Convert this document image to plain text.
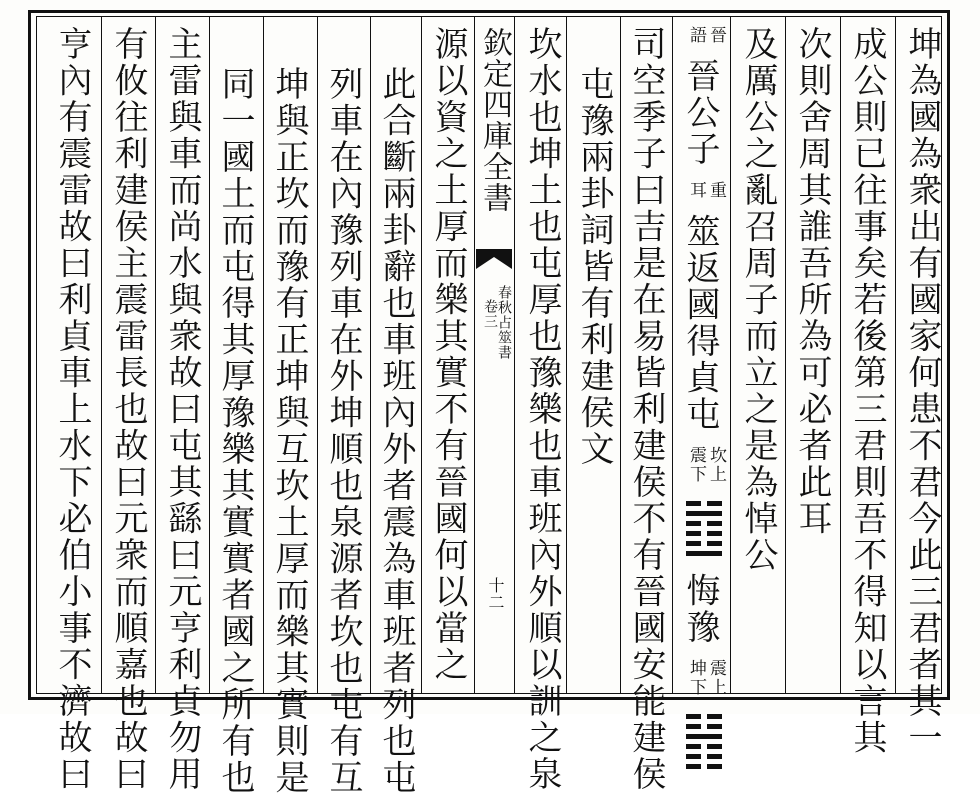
坤為國為衆出有國家何患不君今此三君者其一
成公則已往事矣若後第三君則吾不得知以言其
次則舍周其誰吾所為可必者此耳
及厲公之亂召周子而立之是為悼公
晉
語
晉公子
重
耳
筮返國得貞屯
坎上
震下

悔豫
震上
坤下

司空季子曰吉是在易皆利建侯不有晉國安能建侯
屯豫兩卦詞皆有利建侯文
坎水也坤土也屯厚也豫樂也車班內外順以訓之泉
欽定四庫全書
春秋占筮書
卷三
十二
源以資之土厚而樂其實不有晉國何以當之
此合斷兩卦辭也車班內外者震為車班者列也屯
列車在內豫列車在外坤順也泉源者坎也屯有互
坤與正坎而豫有正坤與互坎土厚而樂其實則是
同一國土而屯得其厚豫樂其實實者國之所有也
主雷與車而尚水與衆故曰屯其繇曰元亨利貞勿用
有攸往利建侯主震雷長也故曰元衆而順嘉也故曰
亨內有震雷故曰利貞車上水下必伯小事不濟故曰
